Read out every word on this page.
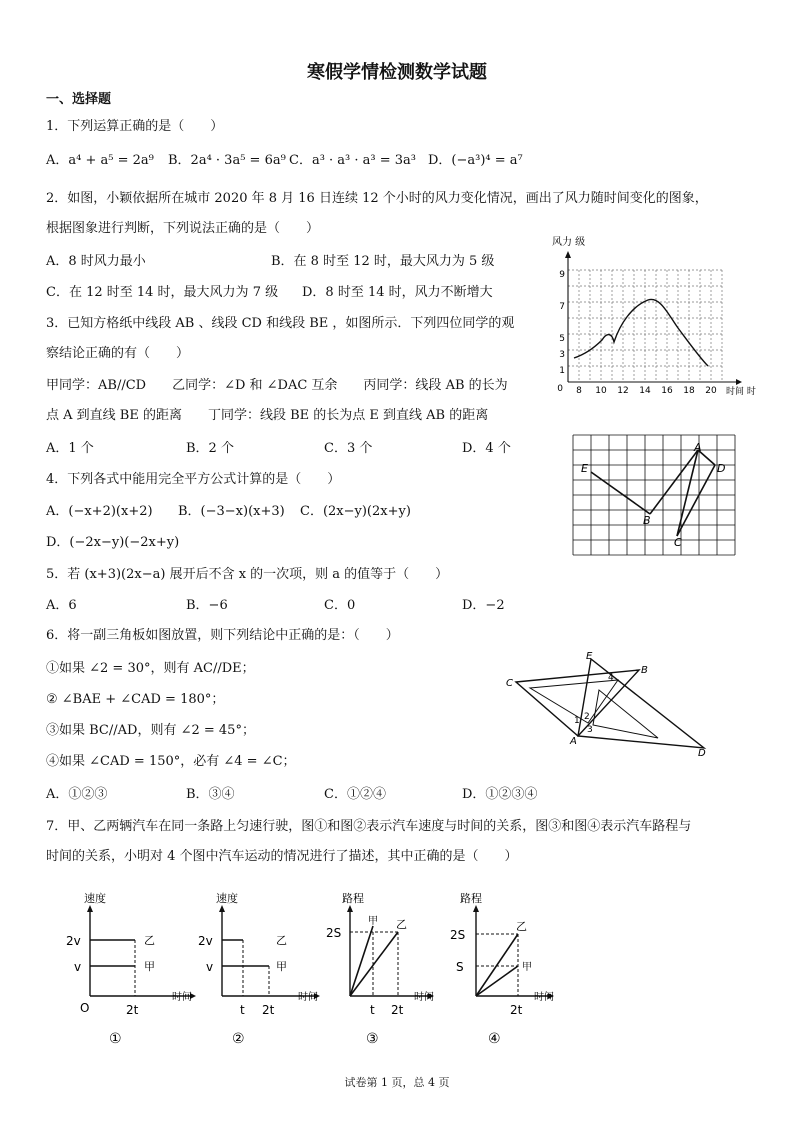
寒假学情检测数学试题
一、选择题
1．下列运算正确的是（　　）
A．a⁴ + a⁵ = 2a⁹ B．2a⁴ · 3a⁵ = 6a⁹ C．a³ · a³ · a³ = 3a³ D．(−a³)⁴ = a⁷
2．如图，小颖依据所在城市 2020 年 8 月 16 日连续 12 个小时的风力变化情况，画出了风力随时间变化的图象，
根据图象进行判断，下列说法正确的是（　　）
A．8 时风力最小	B．在 8 时至 12 时，最大风力为 5 级
C．在 12 时至 14 时，最大风力为 7 级 D．8 时至 14 时，风力不断增大
3．已知方格纸中线段 AB 、线段 CD 和线段 BE ，如图所示．下列四位同学的观
察结论正确的有（　　）
甲同学：AB//CD　　乙同学：∠D 和 ∠DAC 互余　　丙同学：线段 AB 的长为
点 A 到直线 BE 的距离　　丁同学：线段 BE 的长为点 E 到直线 AB 的距离
A．1 个	B．2 个	C．3 个	D．4 个
4．下列各式中能用完全平方公式计算的是（　　）
A．(−x+2)(x+2) B．(−3−x)(x+3) C．(2x−y)(2x+y)
D．(−2x−y)(−2x+y)
5．若 (x+3)(2x−a) 展开后不含 x 的一次项，则 a 的值等于（　　）
A．6	B．−6	C．0	D．−2
6．将一副三角板如图放置，则下列结论中正确的是：（　　）
①如果 ∠2 = 30°，则有 AC//DE；
② ∠BAE + ∠CAD = 180°；
③如果 BC//AD，则有 ∠2 = 45°；
④如果 ∠CAD = 150°，必有 ∠4 = ∠C；
A．①②③	B．③④	C．①②④	D．①②③④
7．甲、乙两辆汽车在同一条路上匀速行驶，图①和图②表示汽车速度与时间的关系，图③和图④表示汽车路程与
时间的关系，小明对 4 个图中汽车运动的情况进行了描述，其中正确的是（　　）
风力 级
9
7
5
3
1
0 8 10 12 14 16 18 20 时间 时
E
B
A
D
C
C
B
E
A
D
1 2
3
4
速度
2v
v
乙
甲
O	2t
时间
①
速度
2v
v
乙
甲
t 2t
时间
②
路程
2S
甲 乙
t 2t
时间
③
路程
2S
S
乙
甲
2t
时间
④
试卷第 1 页，总 4 页
